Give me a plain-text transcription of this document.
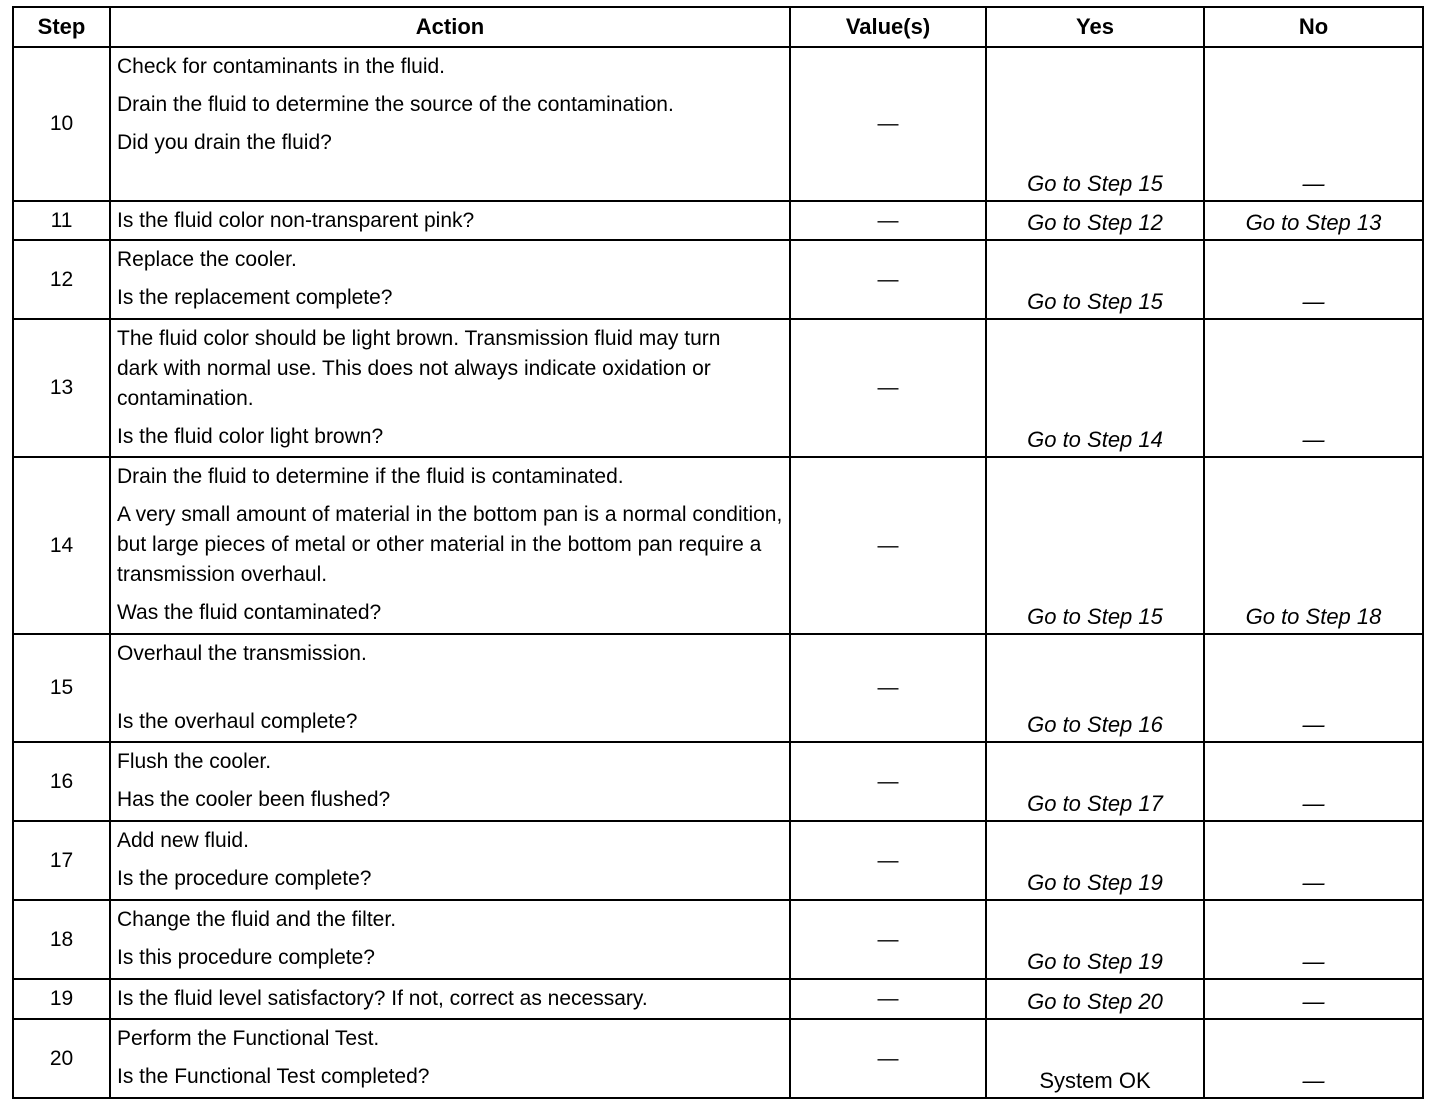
Step	Action	Value(s)	Yes	No
10	Check for contaminants in the fluid.
Drain the fluid to determine the source of the contamination.
Did you drain the fluid?	—	Go to Step 15	—
11	Is the fluid color non-transparent pink?	—	Go to Step 12	Go to Step 13
12	Replace the cooler.
Is the replacement complete?	—	Go to Step 15	—
13	The fluid color should be light brown. Transmission fluid may turn dark with normal use. This does not always indicate oxidation or contamination.
Is the fluid color light brown?	—	Go to Step 14	—
14	Drain the fluid to determine if the fluid is contaminated.
A very small amount of material in the bottom pan is a normal condition, but large pieces of metal or other material in the bottom pan require a transmission overhaul.
Was the fluid contaminated?	—	Go to Step 15	Go to Step 18
15	Overhaul the transmission.
Is the overhaul complete?	—	Go to Step 16	—
16	Flush the cooler.
Has the cooler been flushed?	—	Go to Step 17	—
17	Add new fluid.
Is the procedure complete?	—	Go to Step 19	—
18	Change the fluid and the filter.
Is this procedure complete?	—	Go to Step 19	—
19	Is the fluid level satisfactory? If not, correct as necessary.	—	Go to Step 20	—
20	Perform the Functional Test.
Is the Functional Test completed?	—	System OK	—
